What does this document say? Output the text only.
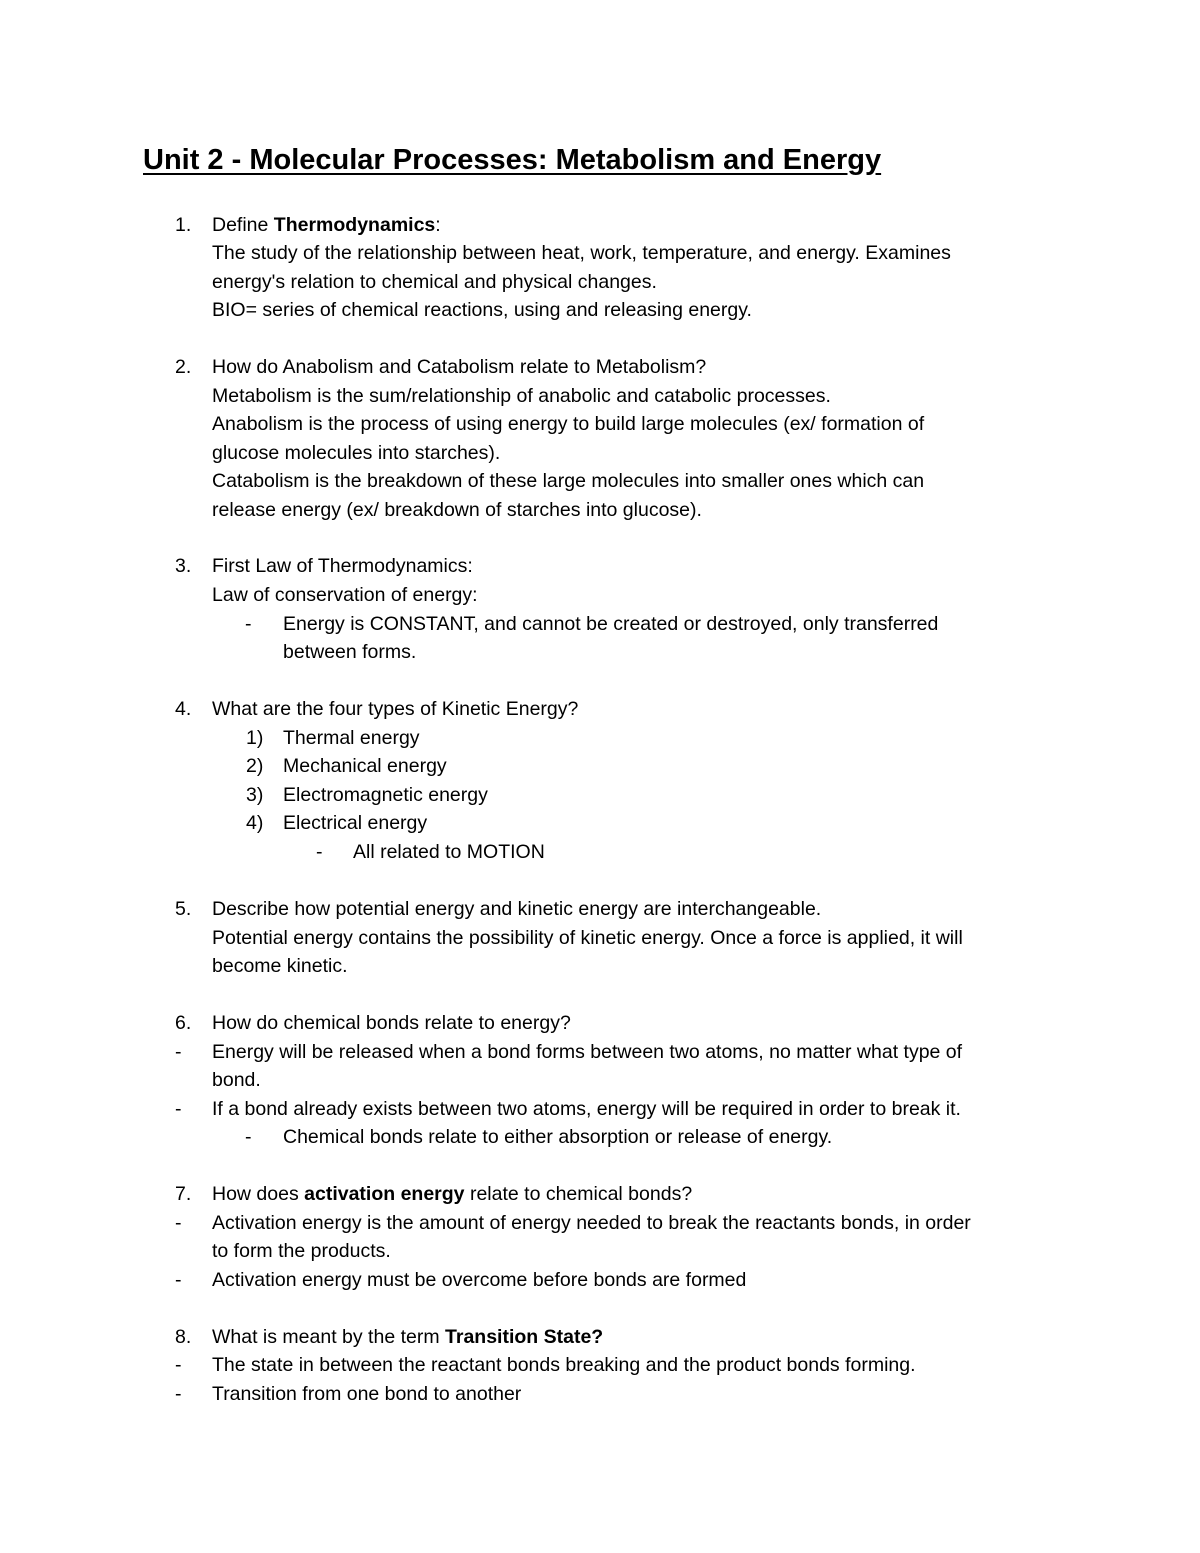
Unit 2 - Molecular Processes: Metabolism and Energy
1. Define Thermodynamics:
The study of the relationship between heat, work, temperature, and energy. Examines
energy's relation to chemical and physical changes.
BIO= series of chemical reactions, using and releasing energy.
2. How do Anabolism and Catabolism relate to Metabolism?
Metabolism is the sum/relationship of anabolic and catabolic processes.
Anabolism is the process of using energy to build large molecules (ex/ formation of
glucose molecules into starches).
Catabolism is the breakdown of these large molecules into smaller ones which can
release energy (ex/ breakdown of starches into glucose).
3. First Law of Thermodynamics:
Law of conservation of energy:
- Energy is CONSTANT, and cannot be created or destroyed, only transferred
between forms.
4. What are the four types of Kinetic Energy?
1) Thermal energy
2) Mechanical energy
3) Electromagnetic energy
4) Electrical energy
- All related to MOTION
5. Describe how potential energy and kinetic energy are interchangeable.
Potential energy contains the possibility of kinetic energy. Once a force is applied, it will
become kinetic.
6. How do chemical bonds relate to energy?
- Energy will be released when a bond forms between two atoms, no matter what type of
bond.
- If a bond already exists between two atoms, energy will be required in order to break it.
- Chemical bonds relate to either absorption or release of energy.
7. How does activation energy relate to chemical bonds?
- Activation energy is the amount of energy needed to break the reactants bonds, in order
to form the products.
- Activation energy must be overcome before bonds are formed
8. What is meant by the term Transition State?
- The state in between the reactant bonds breaking and the product bonds forming.
- Transition from one bond to another
